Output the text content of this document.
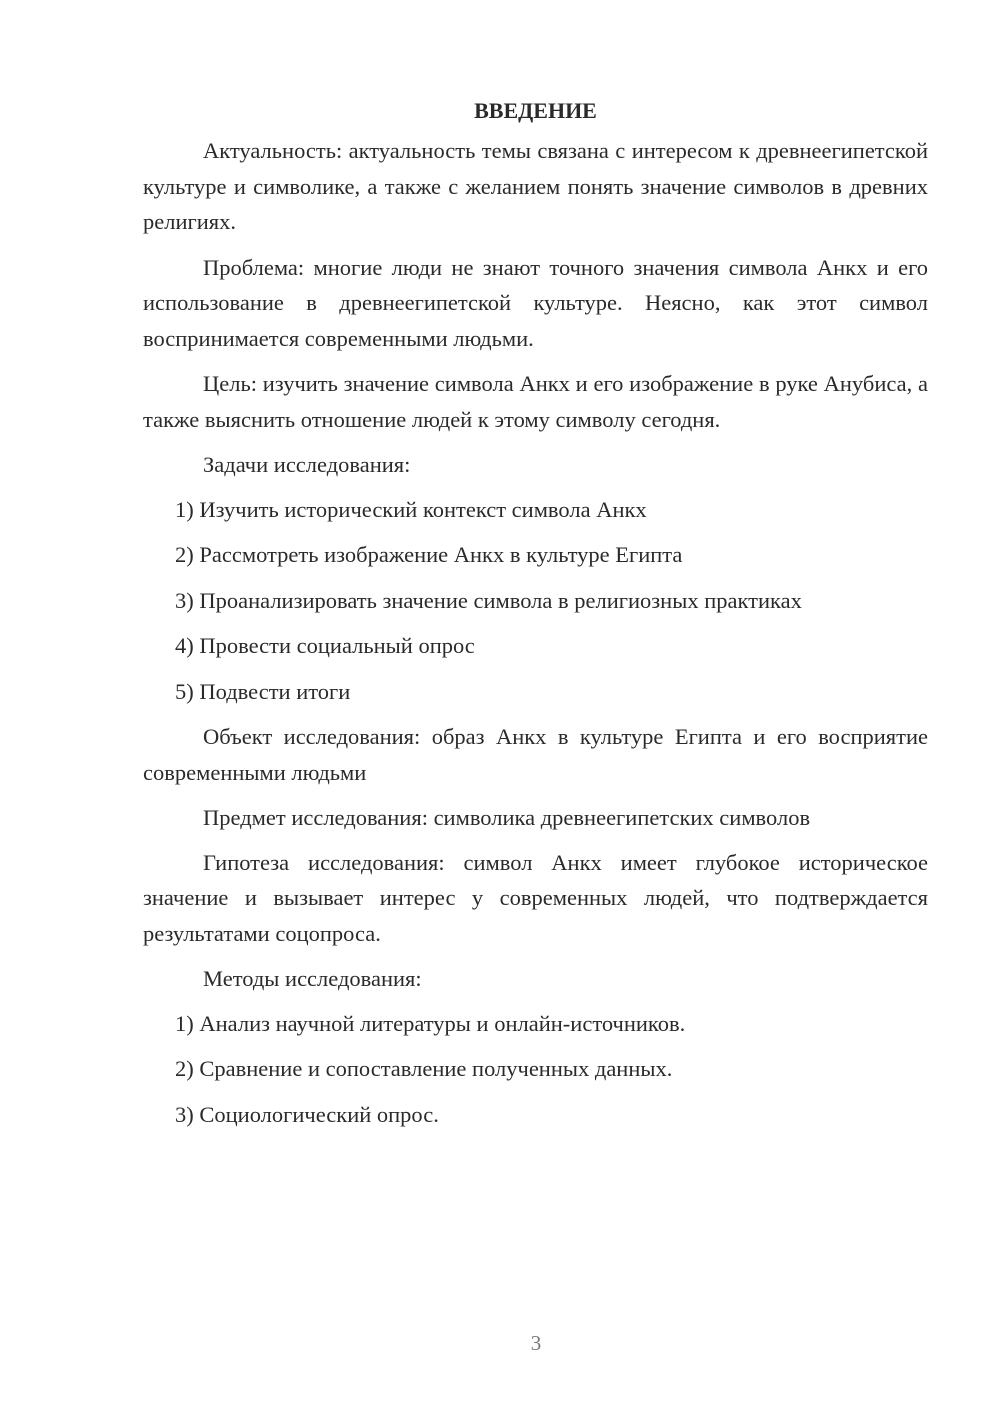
ВВЕДЕНИЕ

Актуальность: актуальность темы связана с интересом к древнеегипетской культуре и символике, а также с желанием понять значение символов в древних религиях.

Проблема: многие люди не знают точного значения символа Анкх и его использование в древнеегипетской культуре. Неясно, как этот символ воспринимается современными людьми.

Цель: изучить значение символа Анкх и его изображение в руке Анубиса, а также выяснить отношение людей к этому символу сегодня.

Задачи исследования:

1) Изучить исторический контекст символа Анкх
2) Рассмотреть изображение Анкх в культуре Египта
3) Проанализировать значение символа в религиозных практиках
4) Провести социальный опрос
5) Подвести итоги

Объект исследования: образ Анкх в культуре Египта и его восприятие современными людьми

Предмет исследования: символика древнеегипетских символов

Гипотеза исследования: символ Анкх имеет глубокое историческое значение и вызывает интерес у современных людей, что подтверждается результатами соцопроса.

Методы исследования:

1) Анализ научной литературы и онлайн-источников.
2) Сравнение и сопоставление полученных данных.
3) Социологический опрос.
3
